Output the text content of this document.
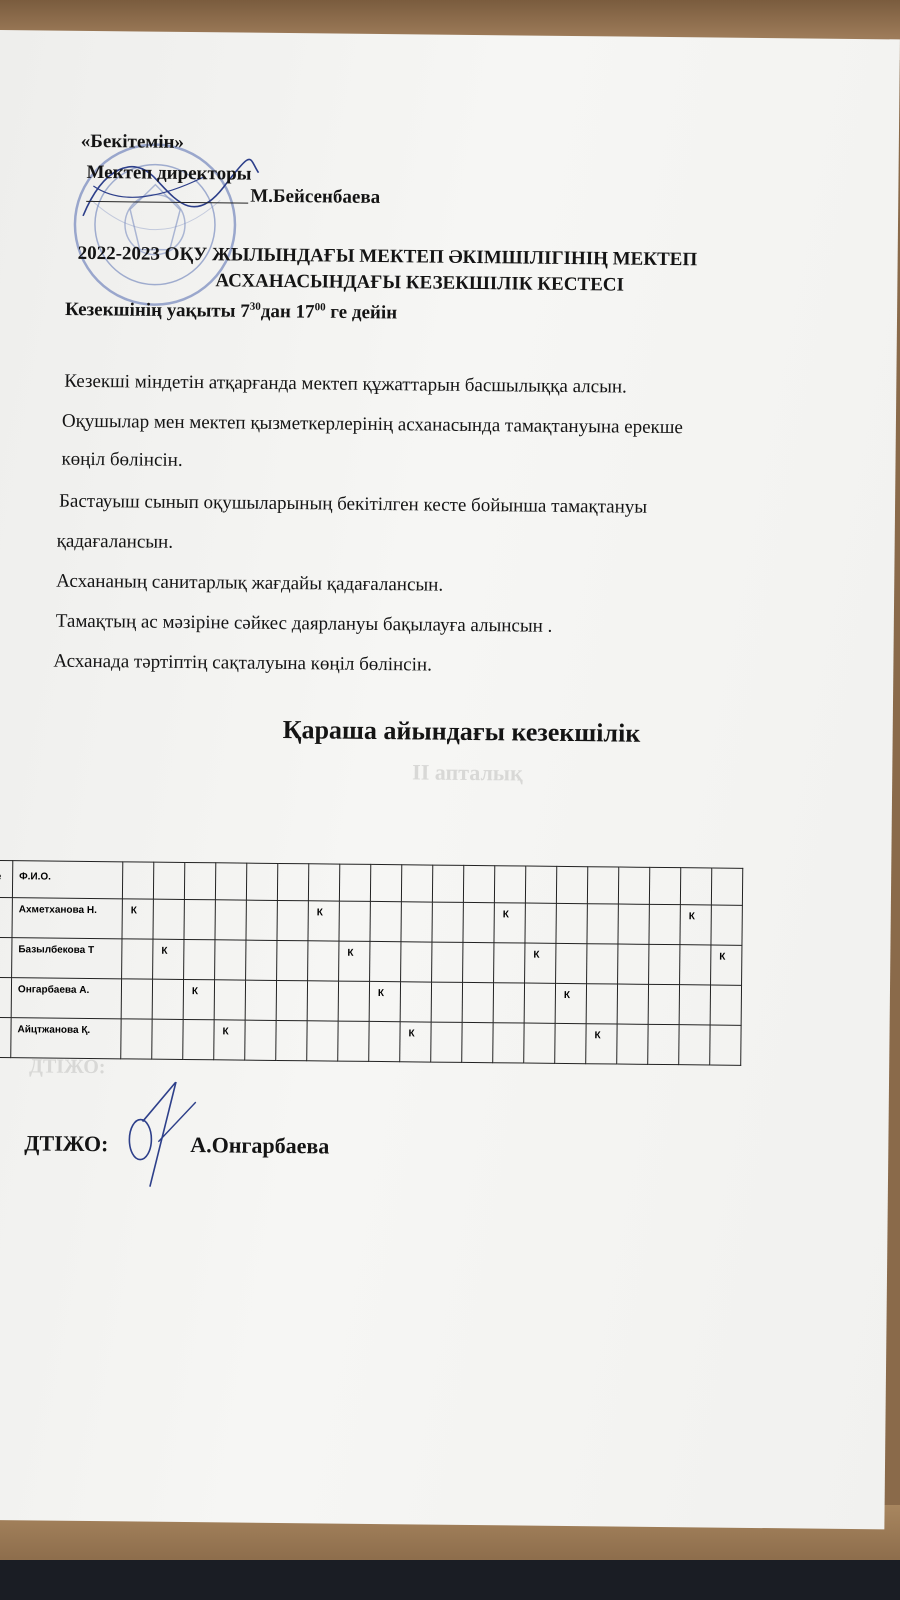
ІІ апталық
ДТІЖО:
«Бекітемін»
Мектеп директоры
М.Бейсенбаева
2022-2023 ОҚУ ЖЫЛЫНДАҒЫ МЕКТЕП ӘКІМШІЛІГІНІҢ МЕКТЕП
АСХАНАСЫНДАҒЫ КЕЗЕКШІЛІК КЕСТЕСІ
Кезекшінің уақыты $7^{30}дан$ $17^{00}$ ге дейін
Кезекші міндетін атқарғанда мектеп құжаттарын басшылыққа алсын.
Оқушылар мен мектеп қызметкерлерінің асханасында тамақтануына ерекше
көңіл бөлінсін.
Бастауыш сынып оқушыларының бекітілген кесте бойынша тамақтануы
қадағалансын.
Асхананың санитарлық жағдайы қадағалансын.
Тамақтың ас мәзіріне сәйкес даярлануы бақылауға алынсын .
Асханада тәртіптің сақталуына көңіл бөлінсін.
Қараша айындағы кезекшілік
	Ф.И.О.																				
	Ахметханова Н.	К						К						К						К	
	Базылбекова Т		К						К						К						К
	Онгарбаева А.			К						К						К					
	Айцтжанова Қ.				К						К						К				
ДТІЖО:	А.Онгарбаева
